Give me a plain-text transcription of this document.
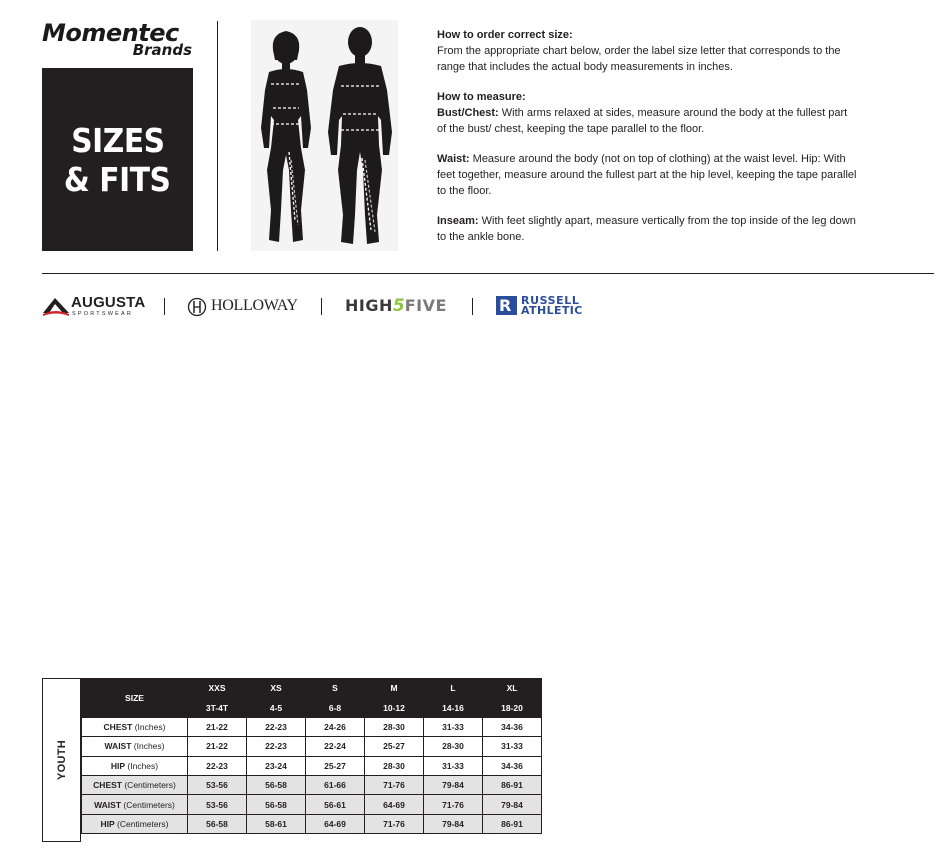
Momentec
Brands
SIZES
& FITS

How to order correct size:

From the appropriate chart below, order the label size letter that corresponds to the range that includes the actual body measurements in inches.

How to measure:

Bust/Chest: With arms relaxed at sides, measure around the body at the fullest part of the bust/ chest, keeping the tape parallel to the floor.

Waist: Measure around the body (not on top of clothing) at the waist level. Hip: With feet together, measure around the fullest part at the hip level, keeping the tape parallel to the floor.

Inseam: With feet slightly apart, measure vertically from the top inside of the leg down to the ankle bone.

AUGUSTA
SPORTSWEAR	HOLLOWAY	HIGH5FIVE	R RUSSELL
ATHLETIC
YOUTH
SIZE	XXS	XS	S	M	L	XL
	3T-4T	4-5	6-8	10-12	14-16	18-20
CHEST (Inches)	21-22	22-23	24-26	28-30	31-33	34-36
WAIST (Inches)	21-22	22-23	22-24	25-27	28-30	31-33
HIP (Inches)	22-23	23-24	25-27	28-30	31-33	34-36
CHEST (Centimeters)	53-56	56-58	61-66	71-76	79-84	86-91
WAIST (Centimeters)	53-56	56-58	56-61	64-69	71-76	79-84
HIP (Centimeters)	56-58	58-61	64-69	71-76	79-84	86-91
